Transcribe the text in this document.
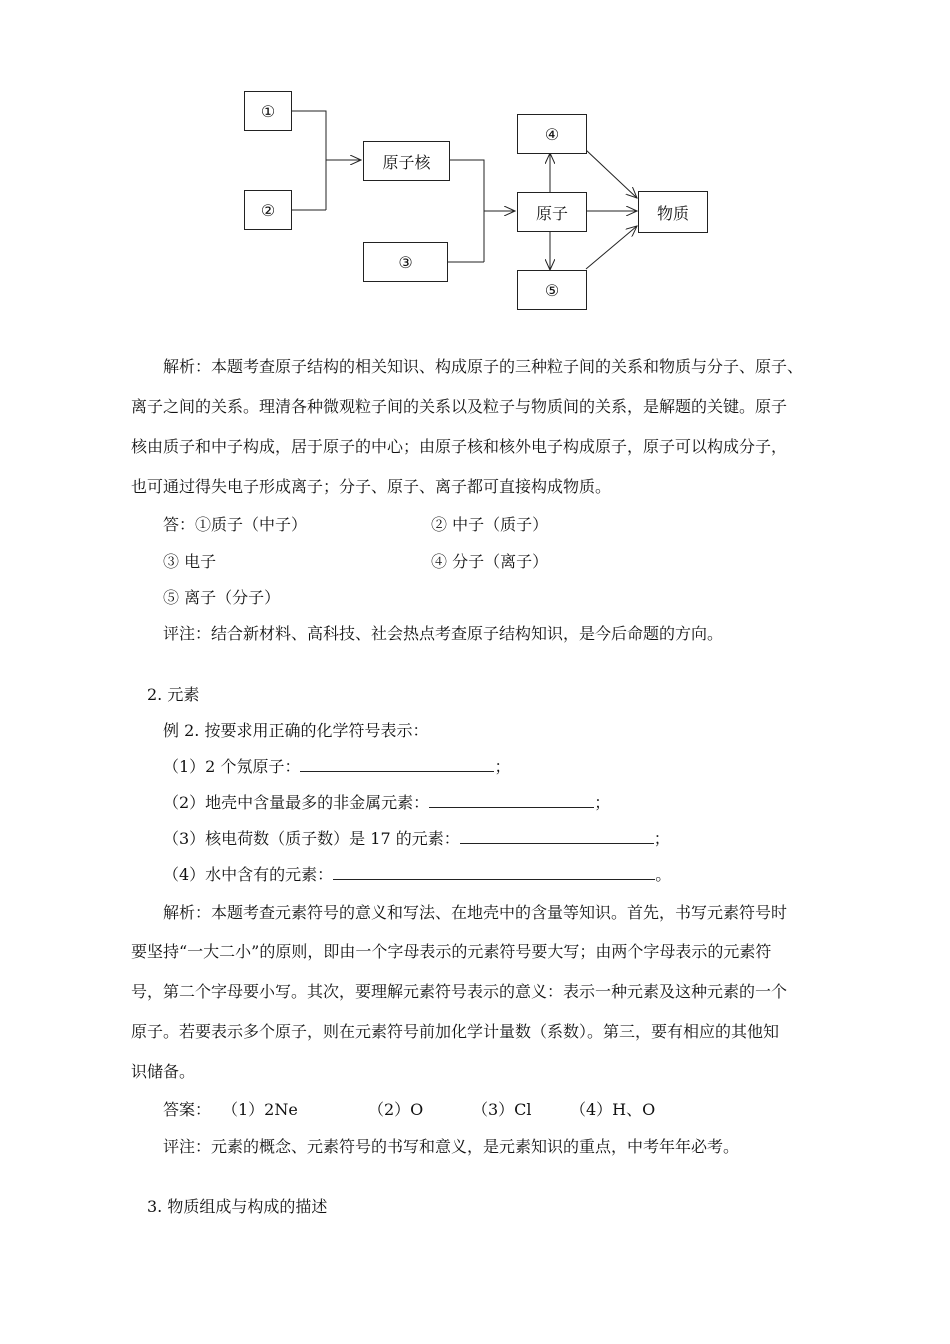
①
②
原子核
③
④
原子
⑤
物质
解析：本题考查原子结构的相关知识、构成原子的三种粒子间的关系和物质与分子、原子、
离子之间的关系。理清各种微观粒子间的关系以及粒子与物质间的关系，是解题的关键。原子
核由质子和中子构成，居于原子的中心；由原子核和核外电子构成原子，原子可以构成分子，
也可通过得失电子形成离子；分子、原子、离子都可直接构成物质。
答：①质子（中子）	② 中子（质子）
③ 电子	④ 分子（离子）
⑤ 离子（分子）
评注：结合新材料、高科技、社会热点考查原子结构知识，是今后命题的方向。
2. 元素
例 2. 按要求用正确的化学符号表示：
（1）2 个氖原子：	；
（2）地壳中含量最多的非金属元素：	；
（3）核电荷数（质子数）是 17 的元素：	；
（4）水中含有的元素：	。
解析：本题考查元素符号的意义和写法、在地壳中的含量等知识。首先，书写元素符号时
要坚持“一大二小”的原则，即由一个字母表示的元素符号要大写；由两个字母表示的元素符
号，第二个字母要小写。其次，要理解元素符号表示的意义：表示一种元素及这种元素的一个
原子。若要表示多个原子，则在元素符号前加化学计量数（系数）。第三，要有相应的其他知
识储备。
答案： （1）2Ne	（2）O	（3）Cl （4）H、O
评注：元素的概念、元素符号的书写和意义，是元素知识的重点，中考年年必考。
3. 物质组成与构成的描述
